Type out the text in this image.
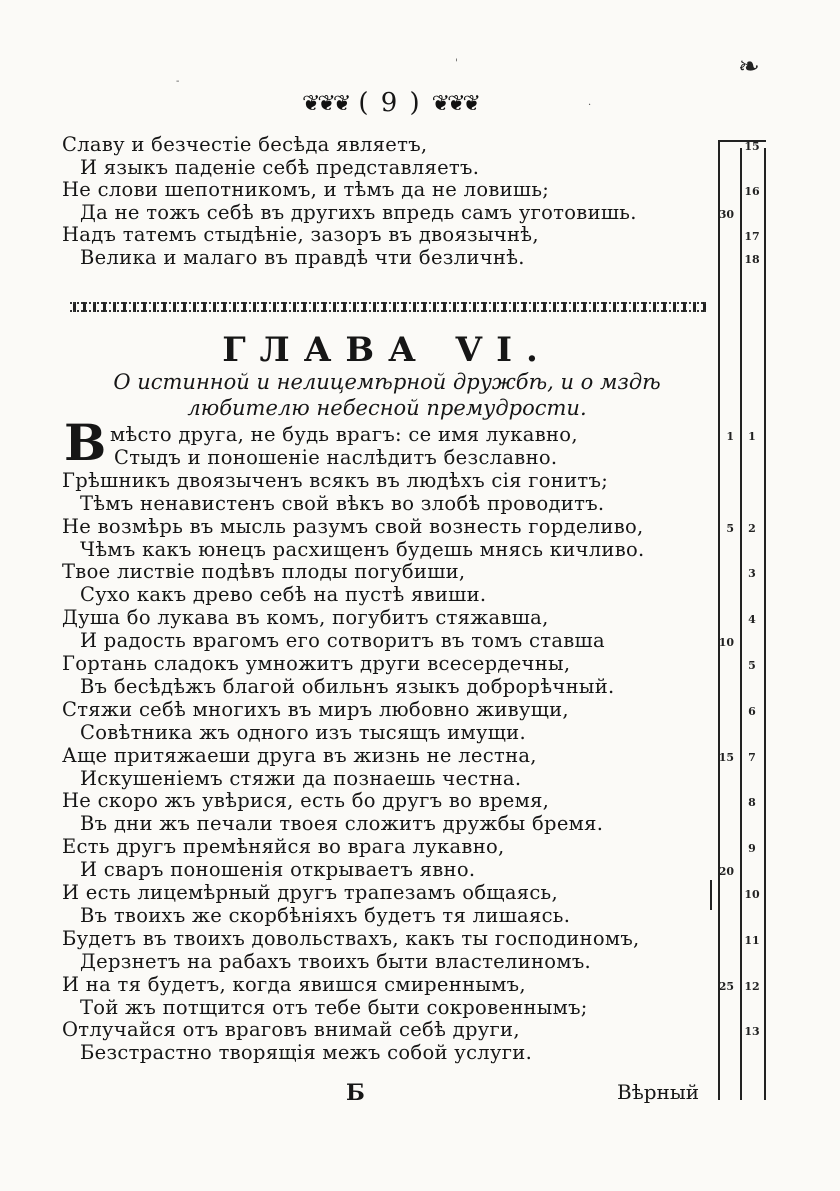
❧
'
-
·
❦❦❦ ( 9 ) ❦❦❦
Славу и безчестіе бесѣда являетъ,
И языкъ паденіе себѣ представляетъ.
Не слови шепотникомъ, и тѣмъ да не ловишь;
Да не тожъ себѣ въ другихъ впредь самъ уготовишь.
Надъ татемъ стыдѣніе, зазоръ въ двоязычнѣ,
Велика и малаго въ правдѣ чти безличнѣ.
ГЛАВА VI.
О истинной и нелицемѣрной дружбѣ, и о мздѣ
любителю небесной премудрости.
В мѣсто друга, не будь врагъ: се имя лукавно,
Стыдъ и поношеніе наслѣдитъ безславно.
Грѣшникъ двоязыченъ всякъ въ людѣхъ сія гонитъ;
Тѣмъ ненавистенъ свой вѣкъ во злобѣ проводитъ.
Не возмѣрь въ мысль разумъ свой вознесть горделиво,
Чѣмъ какъ юнецъ расхищенъ будешь мнясь кичливо.
Твое листвіе подѣвъ плоды погубиши,
Сухо какъ древо себѣ на пустѣ явиши.
Душа бо лукава въ комъ, погубитъ стяжавша,
И радость врагомъ его сотворитъ въ томъ ставша
Гортань сладокъ умножитъ други всесердечны,
Въ бесѣдѣжъ благой обильнъ языкъ доброрѣчный.
Стяжи себѣ многихъ въ миръ любовно живущи,
Совѣтника жъ одного изъ тысящъ имущи.
Аще притяжаеши друга въ жизнь не лестна,
Искушеніемъ стяжи да познаешь честна.
Не скоро жъ увѣрися, есть бо другъ во время,
Въ дни жъ печали твоея сложитъ дружбы бремя.
Есть другъ премѣняйся во врага лукавно,
И сваръ поношенія открываетъ явно.
И есть лицемѣрный другъ трапезамъ общаясь,
Въ твоихъ же скорбѣніяхъ будетъ тя лишаясь.
Будетъ въ твоихъ довольствахъ, какъ ты господиномъ,
Дерзнетъ на рабахъ твоихъ быти властелиномъ.
И на тя будетъ, когда явишся смиреннымъ,
Той жъ потщится отъ тебе быти сокровеннымъ;
Отлучайся отъ враговъ внимай себѣ други,
Безстрастно творящія межъ собой услуги.
Б	Вѣрный
30
1
5
10
15
20
25
15
16
17
18
1
2
3
4
5
6
7
8
9
10
11
12
13
